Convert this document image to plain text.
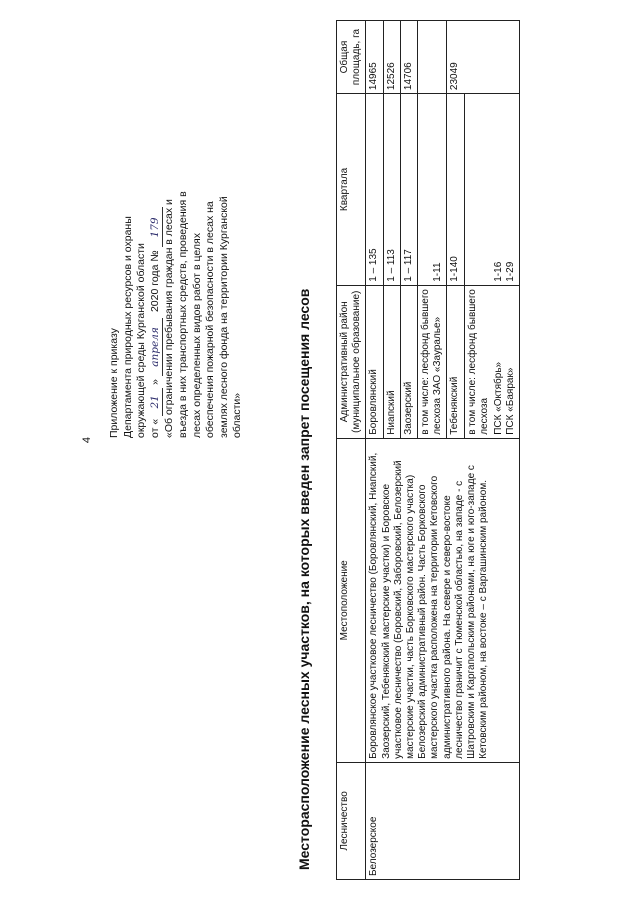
4
Приложение к приказу Департамента природных ресурсов и охраны окружающей среды Курганской области от «21»апреля 2020 года №179 «Об ограничении пребывания граждан в лесах и въезда в них транспортных средств, проведения в лесах определенных видов работ в целях обеспечения пожарной безопасности в лесах на землях лесного фонда на территории Курганской области»	Месторасположение лесных участков, на которых введен запрет посещения лесов	Лесничество	Местоположение	Административный район (муниципальное образование)	Квартала	Общая площадь, га
Белозерское	Боровлянское участковое лесничество (Боровлянский, Ниапский, Заозерский, Тебенякский мастерские участки) и Боровское участковое лесничество (Боровский, Заборовский, Белозерский мастерские участки, часть Борковского мастерского участка) Белозерский административный район. Часть Борковского мастерского участка расположена на территории Кетовского административного района. На севере и северо-востоке лесничество граничит с Тюменской областью, на западе - с Шатровским и Каргапольским районами, на юге и юго-западе с Кетовским районом, на востоке – с Варгашинским районом.	Боровлянский	1 – 135	14965
		Ниапский	1 – 113	12526
		Заозерский	1 – 117	14706
		в том числе: лесфонд бывшего лесхоза ЗАО «Зауралье»	1-11	
		Тебенякский	1-140	23049
		в том числе: лесфонд бывшего лесхоза		
		ПСК «Октябрь»	1-16	
		ПСК «Баярак»	1-29	
